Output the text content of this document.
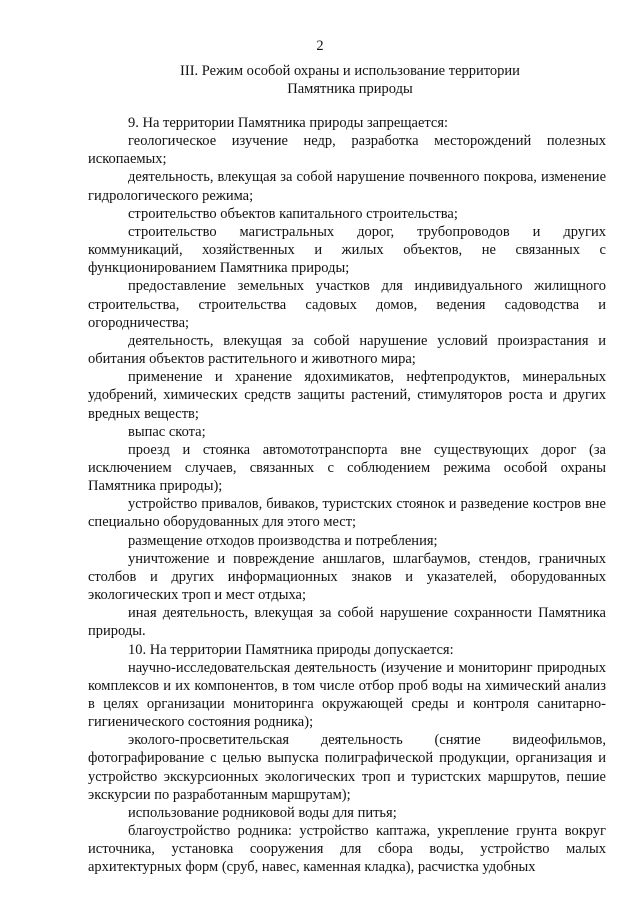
2
III. Режим особой охраны и использование территории
Памятника природы

9. На территории Памятника природы запрещается:

геологическое изучение недр, разработка месторождений полезных ископаемых;

деятельность, влекущая за собой нарушение почвенного покрова, изменение гидрологического режима;

строительство объектов капитального строительства;

строительство магистральных дорог, трубопроводов и других коммуникаций, хозяйственных и жилых объектов, не связанных с функционированием Памятника природы;

предоставление земельных участков для индивидуального жилищного строительства, строительства садовых домов, ведения садоводства и огородничества;

деятельность, влекущая за собой нарушение условий произрастания и обитания объектов растительного и животного мира;

применение и хранение ядохимикатов, нефтепродуктов, минеральных удобрений, химических средств защиты растений, стимуляторов роста и других вредных веществ;

выпас скота;

проезд и стоянка автомототранспорта вне существующих дорог (за исключением случаев, связанных с соблюдением режима особой охраны Памятника природы);

устройство привалов, биваков, туристских стоянок и разведение костров вне специально оборудованных для этого мест;

размещение отходов производства и потребления;

уничтожение и повреждение аншлагов, шлагбаумов, стендов, граничных столбов и других информационных знаков и указателей, оборудованных экологических троп и мест отдыха;

иная деятельность, влекущая за собой нарушение сохранности Памятника природы.

10. На территории Памятника природы допускается:

научно-исследовательская деятельность (изучение и мониторинг природных комплексов и их компонентов, в том числе отбор проб воды на химический анализ в целях организации мониторинга окружающей среды и контроля санитарно-гигиенического состояния родника);

эколого-просветительская деятельность (снятие видеофильмов, фотографирование с целью выпуска полиграфической продукции, организация и устройство экскурсионных экологических троп и туристских маршрутов, пешие экскурсии по разработанным маршрутам);

использование родниковой воды для питья;

благоустройство родника: устройство каптажа, укрепление грунта вокруг источника, установка сооружения для сбора воды, устройство малых архитектурных форм (сруб, навес, каменная кладка), расчистка удобных
